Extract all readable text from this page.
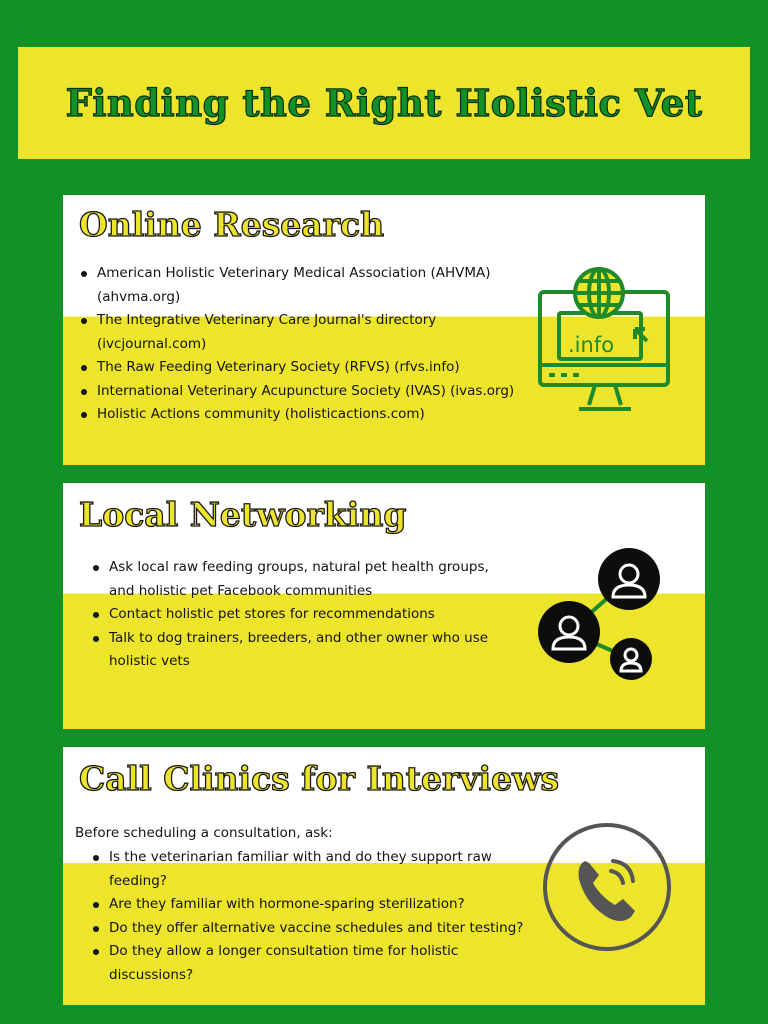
Finding the Right Holistic Vet
Online Research
American Holistic Veterinary Medical Association (AHVMA) (ahvma.org)
The Integrative Veterinary Care Journal's directory (ivcjournal.com)
The Raw Feeding Veterinary Society (RFVS) (rfvs.info)
International Veterinary Acupuncture Society (IVAS) (ivas.org)
Holistic Actions community (holisticactions.com)
.info
Local Networking
Ask local raw feeding groups, natural pet health groups, and holistic pet Facebook communities
Contact holistic pet stores for recommendations
Talk to dog trainers, breeders, and other owner who use holistic vets
Call Clinics for Interviews

Before scheduling a consultation, ask:

Is the veterinarian familiar with and do they support raw feeding?
Are they familiar with hormone-sparing sterilization?
Do they offer alternative vaccine schedules and titer testing?
Do they allow a longer consultation time for holistic discussions?
